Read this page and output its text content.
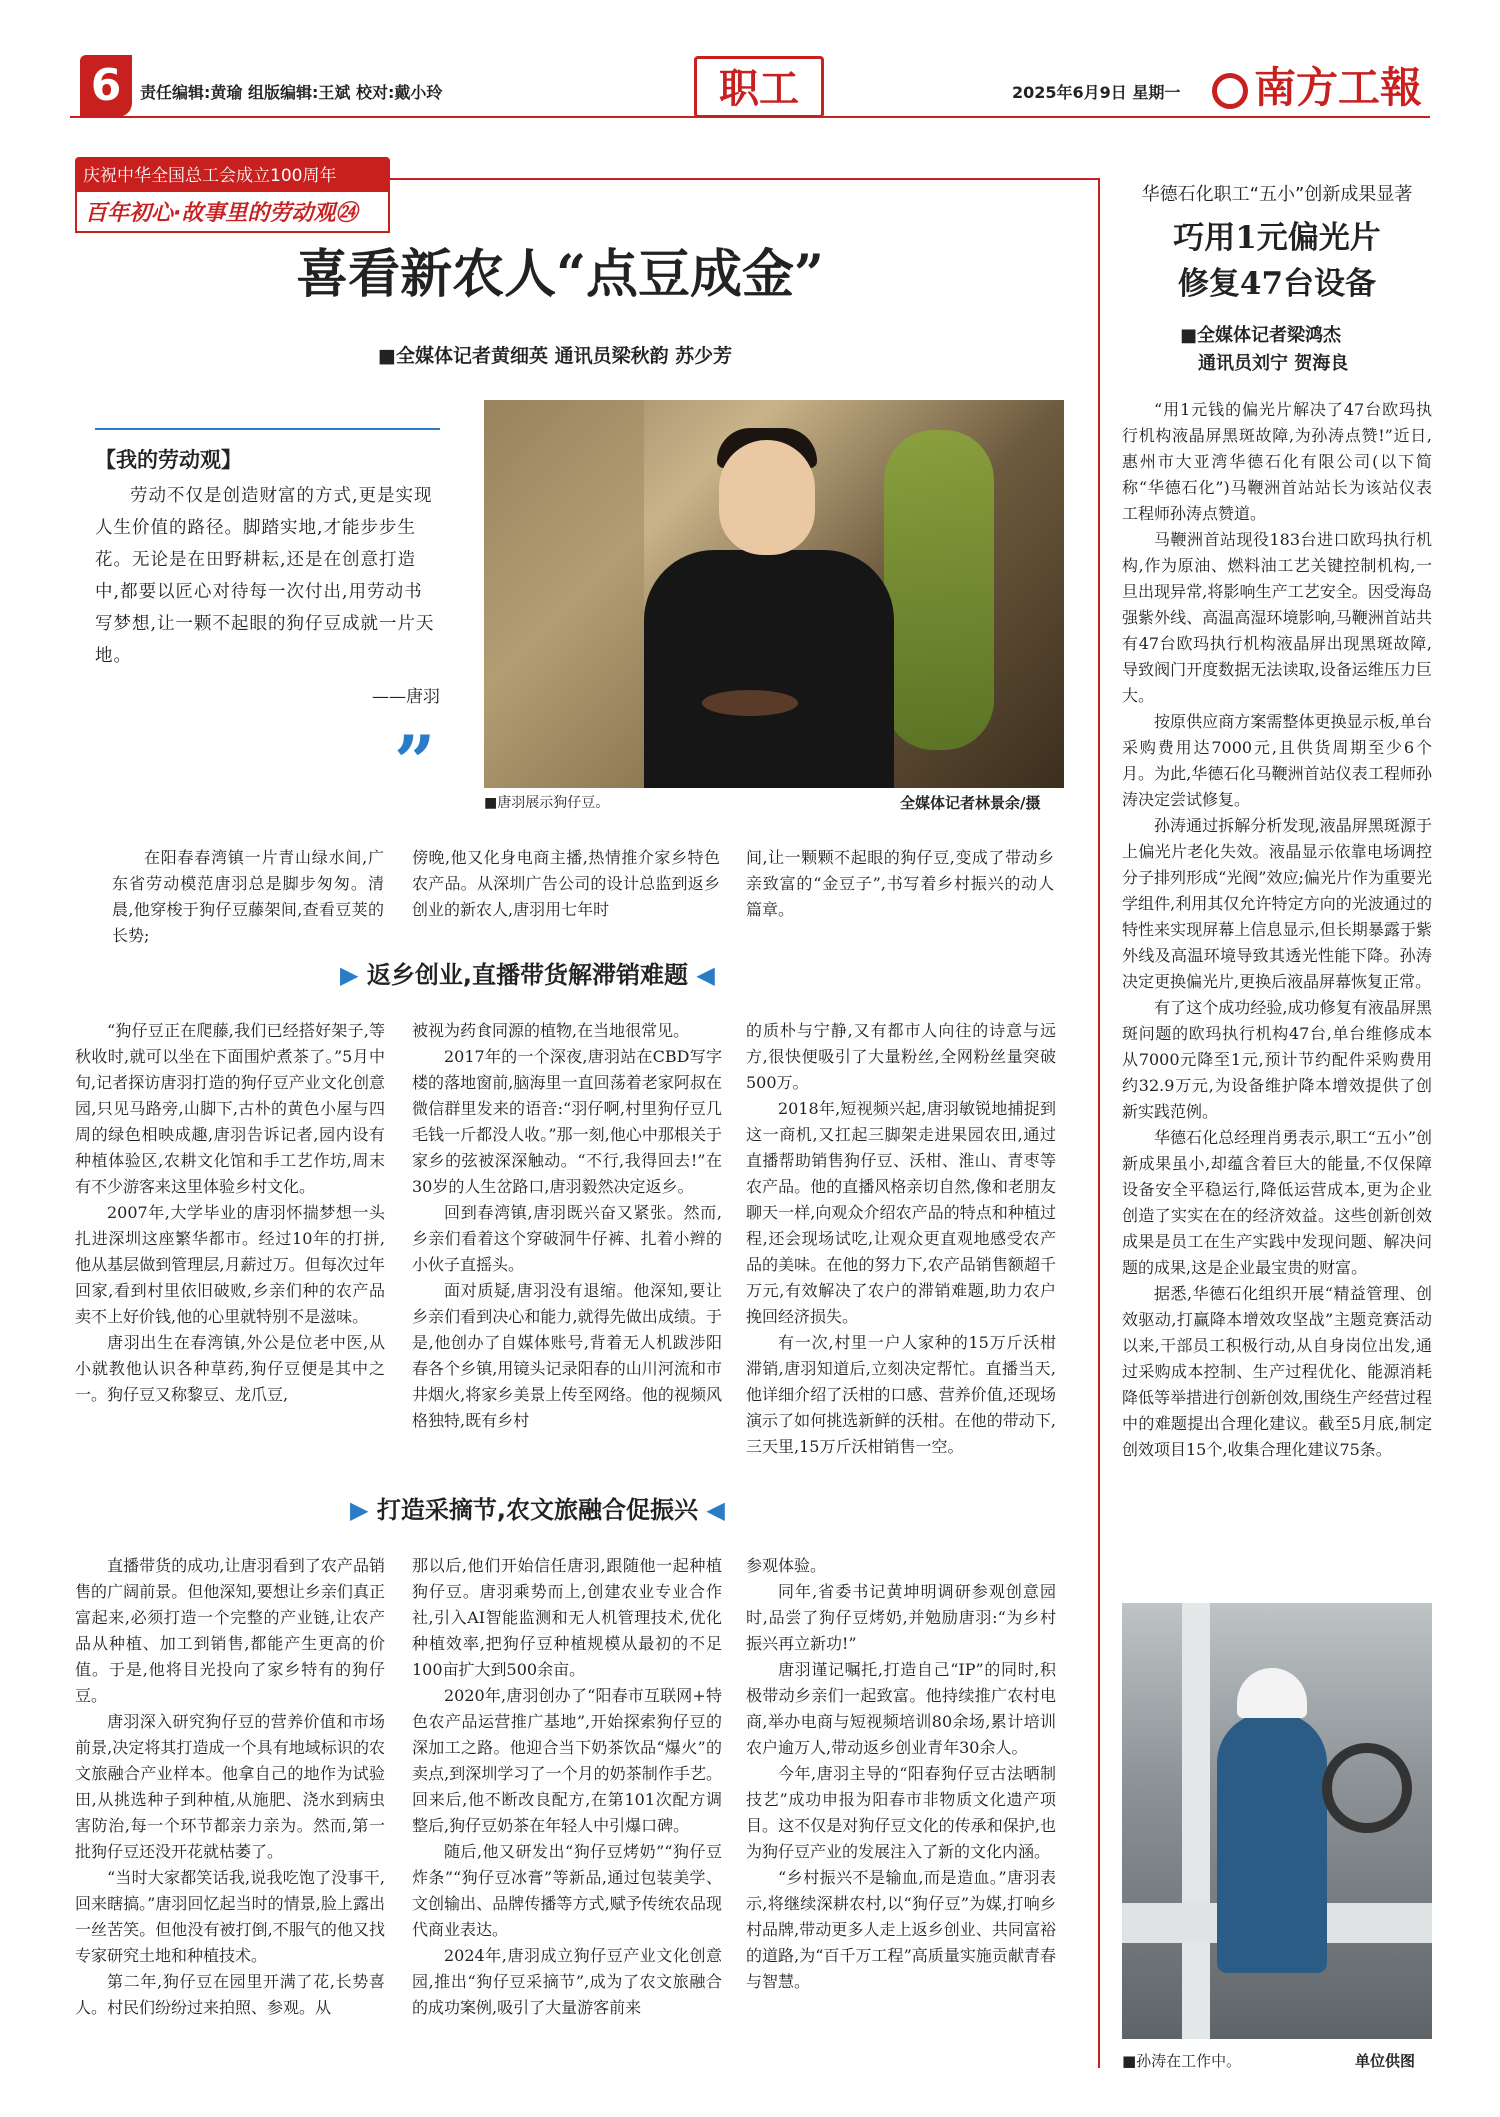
6	责任编辑:黄瑜 组版编辑:王斌 校对:戴小玲	职工	2025年6月9日 星期一	南方工報
庆祝中华全国总工会成立100周年
百年初心·故事里的劳动观㉔
喜看新农人“点豆成金”
■全媒体记者黄细英 通讯员梁秋韵 苏少芳
【我的劳动观】
劳动不仅是创造财富的方式,更是实现人生价值的路径。脚踏实地,才能步步生花。无论是在田野耕耘,还是在创意打造中,都要以匠心对待每一次付出,用劳动书写梦想,让一颗不起眼的狗仔豆成就一片天地。
——唐羽
”	■唐羽展示狗仔豆。	全媒体记者林景余/摄

在阳春春湾镇一片青山绿水间,广东省劳动模范唐羽总是脚步匆匆。清晨,他穿梭于狗仔豆藤架间,查看豆荚的长势;

傍晚,他又化身电商主播,热情推介家乡特色农产品。从深圳广告公司的设计总监到返乡创业的新农人,唐羽用七年时

间,让一颗颗不起眼的狗仔豆,变成了带动乡亲致富的“金豆子”,书写着乡村振兴的动人篇章。

▶ 返乡创业,直播带货解滞销难题 ◀

“狗仔豆正在爬藤,我们已经搭好架子,等秋收时,就可以坐在下面围炉煮茶了。”5月中旬,记者探访唐羽打造的狗仔豆产业文化创意园,只见马路旁,山脚下,古朴的黄色小屋与四周的绿色相映成趣,唐羽告诉记者,园内设有种植体验区,农耕文化馆和手工艺作坊,周末有不少游客来这里体验乡村文化。

2007年,大学毕业的唐羽怀揣梦想一头扎进深圳这座繁华都市。经过10年的打拼,他从基层做到管理层,月薪过万。但每次过年回家,看到村里依旧破败,乡亲们种的农产品卖不上好价钱,他的心里就特别不是滋味。

唐羽出生在春湾镇,外公是位老中医,从小就教他认识各种草药,狗仔豆便是其中之一。狗仔豆又称黎豆、龙爪豆,

被视为药食同源的植物,在当地很常见。

2017年的一个深夜,唐羽站在CBD写字楼的落地窗前,脑海里一直回荡着老家阿叔在微信群里发来的语音:“羽仔啊,村里狗仔豆几毛钱一斤都没人收。”那一刻,他心中那根关于家乡的弦被深深触动。“不行,我得回去!”在30岁的人生岔路口,唐羽毅然决定返乡。

回到春湾镇,唐羽既兴奋又紧张。然而,乡亲们看着这个穿破洞牛仔裤、扎着小辫的小伙子直摇头。

面对质疑,唐羽没有退缩。他深知,要让乡亲们看到决心和能力,就得先做出成绩。于是,他创办了自媒体账号,背着无人机跋涉阳春各个乡镇,用镜头记录阳春的山川河流和市井烟火,将家乡美景上传至网络。他的视频风格独特,既有乡村

的质朴与宁静,又有都市人向往的诗意与远方,很快便吸引了大量粉丝,全网粉丝量突破500万。

2018年,短视频兴起,唐羽敏锐地捕捉到这一商机,又扛起三脚架走进果园农田,通过直播帮助销售狗仔豆、沃柑、淮山、青枣等农产品。他的直播风格亲切自然,像和老朋友聊天一样,向观众介绍农产品的特点和种植过程,还会现场试吃,让观众更直观地感受农产品的美味。在他的努力下,农产品销售额超千万元,有效解决了农户的滞销难题,助力农户挽回经济损失。

有一次,村里一户人家种的15万斤沃柑滞销,唐羽知道后,立刻决定帮忙。直播当天,他详细介绍了沃柑的口感、营养价值,还现场演示了如何挑选新鲜的沃柑。在他的带动下,三天里,15万斤沃柑销售一空。

▶ 打造采摘节,农文旅融合促振兴 ◀

直播带货的成功,让唐羽看到了农产品销售的广阔前景。但他深知,要想让乡亲们真正富起来,必须打造一个完整的产业链,让农产品从种植、加工到销售,都能产生更高的价值。于是,他将目光投向了家乡特有的狗仔豆。

唐羽深入研究狗仔豆的营养价值和市场前景,决定将其打造成一个具有地域标识的农文旅融合产业样本。他拿自己的地作为试验田,从挑选种子到种植,从施肥、浇水到病虫害防治,每一个环节都亲力亲为。然而,第一批狗仔豆还没开花就枯萎了。

“当时大家都笑话我,说我吃饱了没事干,回来瞎搞。”唐羽回忆起当时的情景,脸上露出一丝苦笑。但他没有被打倒,不服气的他又找专家研究土地和种植技术。

第二年,狗仔豆在园里开满了花,长势喜人。村民们纷纷过来拍照、参观。从

那以后,他们开始信任唐羽,跟随他一起种植狗仔豆。唐羽乘势而上,创建农业专业合作社,引入AI智能监测和无人机管理技术,优化种植效率,把狗仔豆种植规模从最初的不足100亩扩大到500余亩。

2020年,唐羽创办了“阳春市互联网+特色农产品运营推广基地”,开始探索狗仔豆的深加工之路。他迎合当下奶茶饮品“爆火”的卖点,到深圳学习了一个月的奶茶制作手艺。回来后,他不断改良配方,在第101次配方调整后,狗仔豆奶茶在年轻人中引爆口碑。

随后,他又研发出“狗仔豆烤奶”“狗仔豆炸条”“狗仔豆冰膏”等新品,通过包装美学、文创输出、品牌传播等方式,赋予传统农品现代商业表达。

2024年,唐羽成立狗仔豆产业文化创意园,推出“狗仔豆采摘节”,成为了农文旅融合的成功案例,吸引了大量游客前来

参观体验。

同年,省委书记黄坤明调研参观创意园时,品尝了狗仔豆烤奶,并勉励唐羽:“为乡村振兴再立新功!”

唐羽谨记嘱托,打造自己“IP”的同时,积极带动乡亲们一起致富。他持续推广农村电商,举办电商与短视频培训80余场,累计培训农户逾万人,带动返乡创业青年30余人。

今年,唐羽主导的“阳春狗仔豆古法晒制技艺”成功申报为阳春市非物质文化遗产项目。这不仅是对狗仔豆文化的传承和保护,也为狗仔豆产业的发展注入了新的文化内涵。

“乡村振兴不是输血,而是造血。”唐羽表示,将继续深耕农村,以“狗仔豆”为媒,打响乡村品牌,带动更多人走上返乡创业、共同富裕的道路,为“百千万工程”高质量实施贡献青春与智慧。

华德石化职工“五小”创新成果显著
巧用1元偏光片
修复47台设备
■全媒体记者梁鸿杰
通讯员刘宁 贺海良

“用1元钱的偏光片解决了47台欧玛执行机构液晶屏黑斑故障,为孙涛点赞!”近日,惠州市大亚湾华德石化有限公司(以下简称“华德石化”)马鞭洲首站站长为该站仪表工程师孙涛点赞道。

马鞭洲首站现役183台进口欧玛执行机构,作为原油、燃料油工艺关键控制机构,一旦出现异常,将影响生产工艺安全。因受海岛强紫外线、高温高湿环境影响,马鞭洲首站共有47台欧玛执行机构液晶屏出现黑斑故障,导致阀门开度数据无法读取,设备运维压力巨大。

按原供应商方案需整体更换显示板,单台采购费用达7000元,且供货周期至少6个月。为此,华德石化马鞭洲首站仪表工程师孙涛决定尝试修复。

孙涛通过拆解分析发现,液晶屏黑斑源于上偏光片老化失效。液晶显示依靠电场调控分子排列形成“光阀”效应;偏光片作为重要光学组件,利用其仅允许特定方向的光波通过的特性来实现屏幕上信息显示,但长期暴露于紫外线及高温环境导致其透光性能下降。孙涛决定更换偏光片,更换后液晶屏幕恢复正常。

有了这个成功经验,成功修复有液晶屏黑斑问题的欧玛执行机构47台,单台维修成本从7000元降至1元,预计节约配件采购费用约32.9万元,为设备维护降本增效提供了创新实践范例。

华德石化总经理肖勇表示,职工“五小”创新成果虽小,却蕴含着巨大的能量,不仅保障设备安全平稳运行,降低运营成本,更为企业创造了实实在在的经济效益。这些创新创效成果是员工在生产实践中发现问题、解决问题的成果,这是企业最宝贵的财富。

据悉,华德石化组织开展“精益管理、创效驱动,打赢降本增效攻坚战”主题竞赛活动以来,干部员工积极行动,从自身岗位出发,通过采购成本控制、生产过程优化、能源消耗降低等举措进行创新创效,围绕生产经营过程中的难题提出合理化建议。截至5月底,制定创效项目15个,收集合理化建议75条。

■孙涛在工作中。	单位供图
